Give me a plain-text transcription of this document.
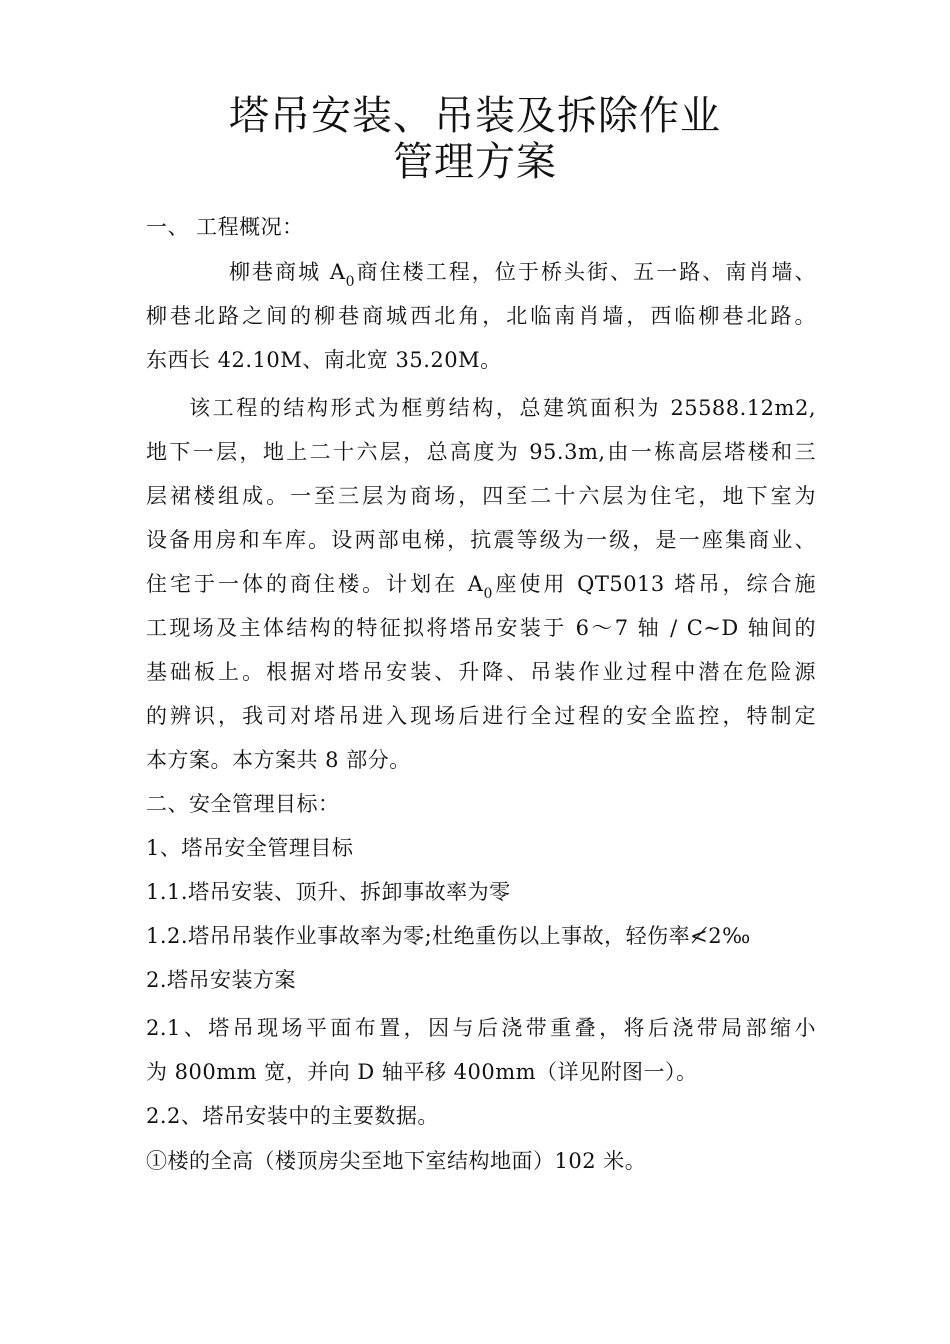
塔吊安装、吊装及拆除作业
管理方案
一、 工程概况：
柳巷商城 $A_0$商住楼工程，位于桥头街、五一路、南肖墙、
柳巷北路之间的柳巷商城西北角，北临南肖墙，西临柳巷北路。
东西长 42.10M、南北宽 35.20M。
该工程的结构形式为框剪结构，总建筑面积为 25588.12m2,
地下一层，地上二十六层，总高度为 95.3m,由一栋高层塔楼和三
层裙楼组成。一至三层为商场，四至二十六层为住宅，地下室为
设备用房和车库。设两部电梯，抗震等级为一级，是一座集商业、
住宅于一体的商住楼。计划在 $A_0$座使用 QT5013 塔吊，综合施
工现场及主体结构的特征拟将塔吊安装于 6～7 轴 / C~D 轴间的
基础板上。根据对塔吊安装、升降、吊装作业过程中潜在危险源
的辨识，我司对塔吊进入现场后进行全过程的安全监控，特制定
本方案。本方案共 8 部分。
二、安全管理目标：
1、塔吊安全管理目标
1.1.塔吊安装、顶升、拆卸事故率为零
1.2.塔吊吊装作业事故率为零;杜绝重伤以上事故，轻伤率≮2‰
2.塔吊安装方案
2.1、塔吊现场平面布置，因与后浇带重叠，将后浇带局部缩小
为 800mm 宽，并向 D 轴平移 400mm（详见附图一）。
2.2、塔吊安装中的主要数据。
①楼的全高（楼顶房尖至地下室结构地面）102 米。
